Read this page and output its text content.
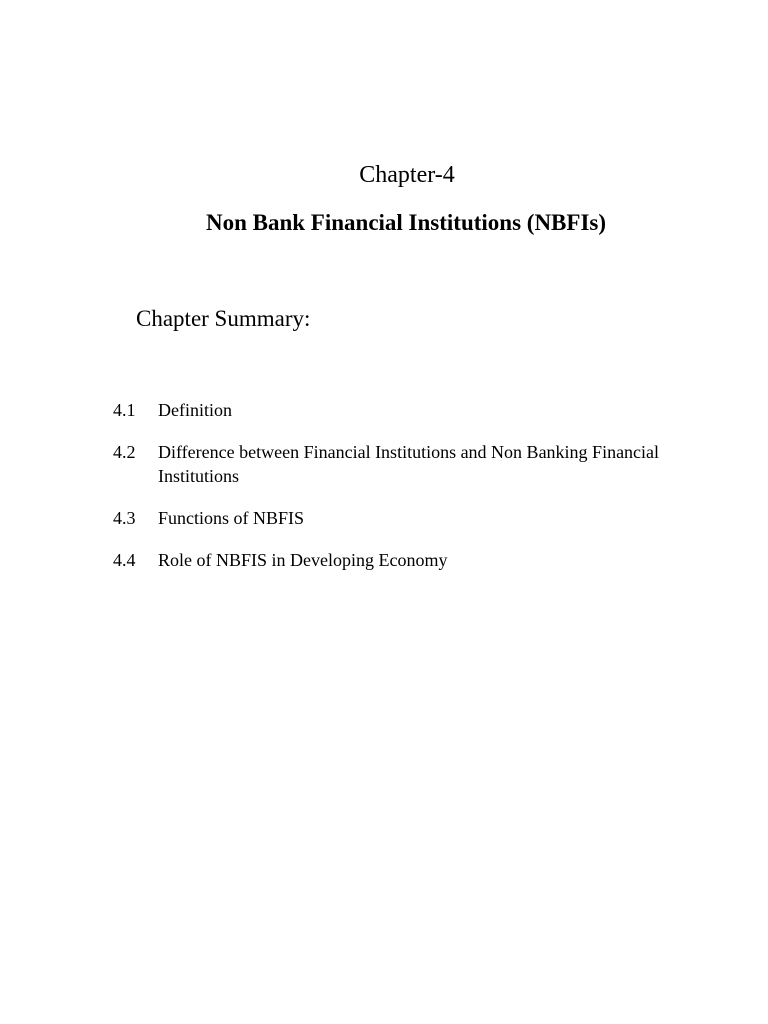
Chapter-4
Non Bank Financial Institutions (NBFIs)
Chapter Summary:
4.1	Definition
4.2	Difference between Financial Institutions and Non Banking Financial Institutions
4.3	Functions of NBFIS
4.4	Role of NBFIS in Developing Economy
